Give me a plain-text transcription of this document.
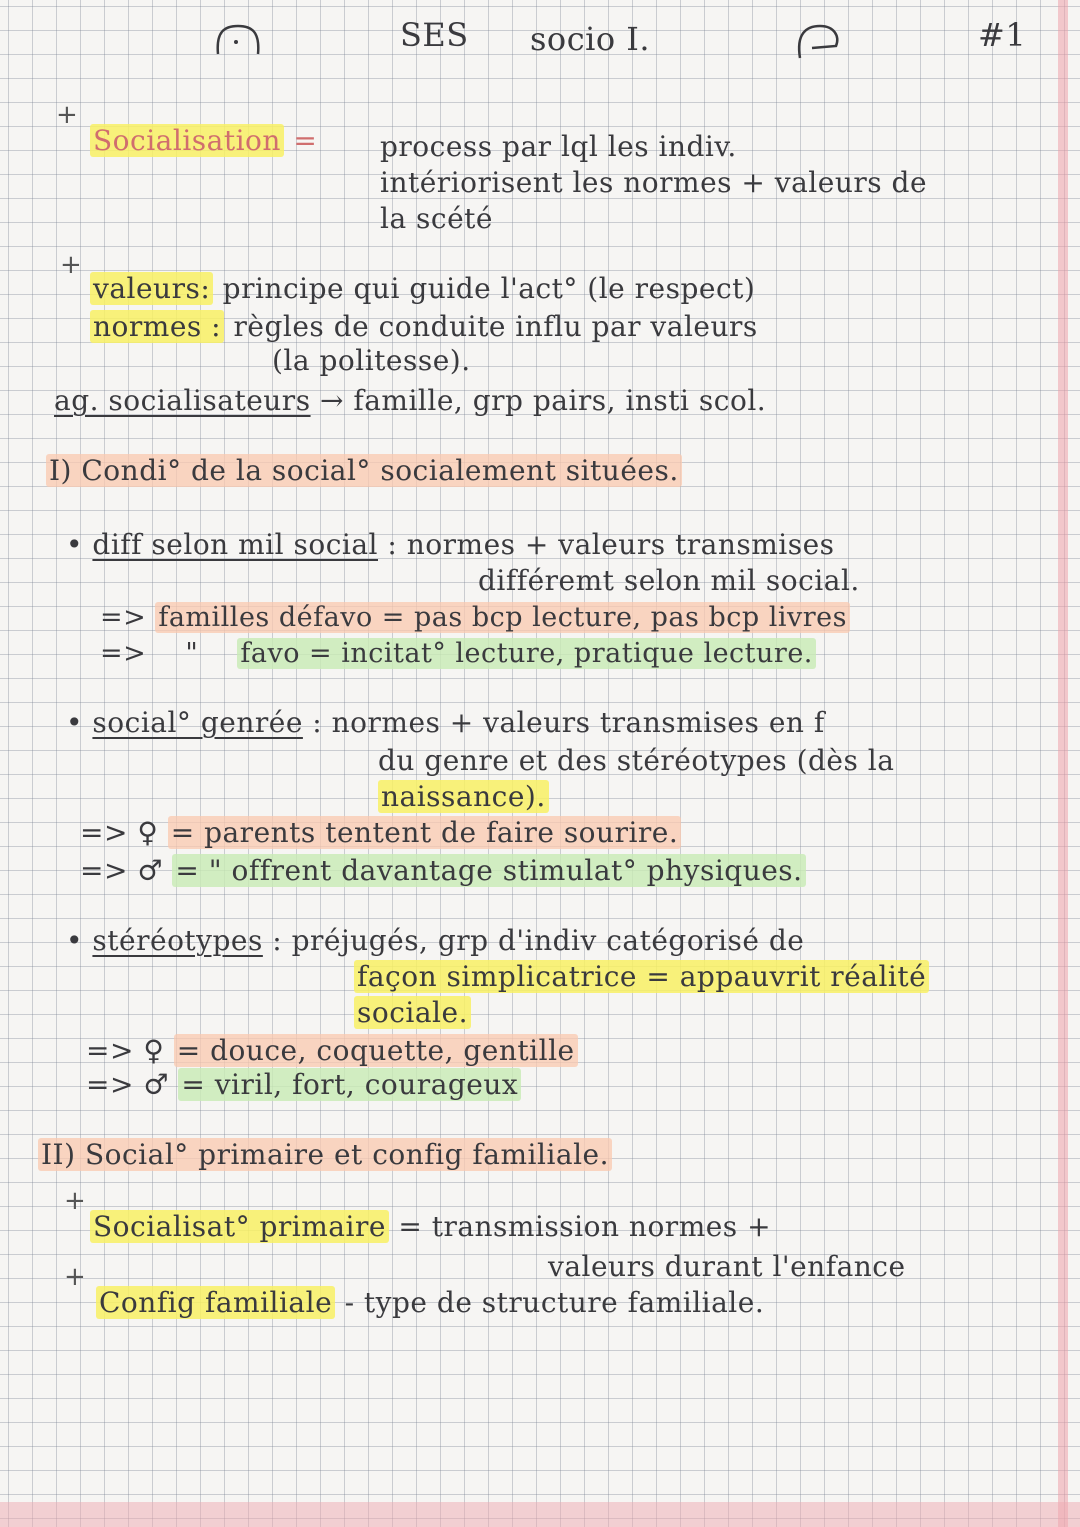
SES socio I.	#1
+
Socialisation = process par lql les indiv.
intériorisent les normes + valeurs de
la scété
+
valeurs: principe qui guide l'act° (le respect)
normes : règles de conduite influ par valeurs
(la politesse).
ag. socialisateurs → famille, grp pairs, insti scol.
I) Condi° de la social° socialement situées.
• diff selon mil social : normes + valeurs transmises
différemt selon mil social.
=> familles défavo = pas bcp lecture, pas bcp livres
=> " favo = incitat° lecture, pratique lecture.
• social° genrée : normes + valeurs transmises en f
du genre et des stéréotypes (dès la
naissance).
=> ♀ = parents tentent de faire sourire.
=> ♂ = " offrent davantage stimulat° physiques.
• stéréotypes : préjugés, grp d'indiv catégorisé de
façon simplicatrice = appauvrit réalité
sociale.
=> ♀ = douce, coquette, gentille
=> ♂ = viril, fort, courageux
II) Social° primaire et config familiale.
+
Socialisat° primaire = transmission normes +
valeurs durant l'enfance
+
Config familiale - type de structure familiale.
